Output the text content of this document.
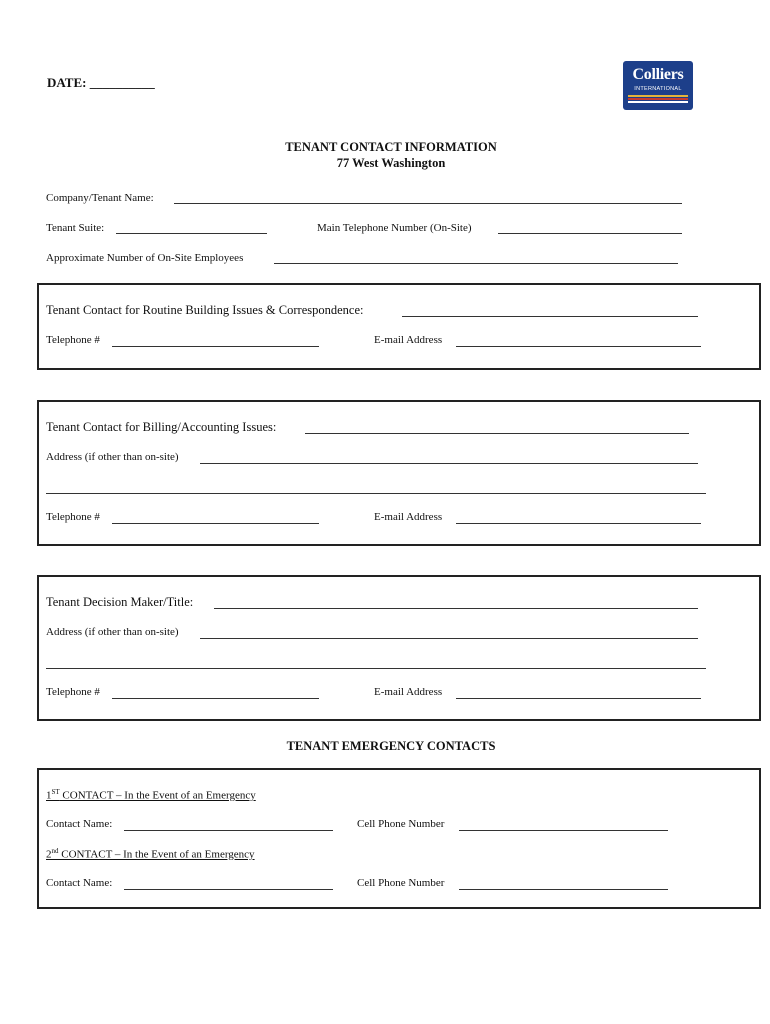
DATE: __________	Colliers
INTERNATIONAL
TENANT CONTACT INFORMATION
77 West Washington
Company/Tenant Name:
Tenant Suite:	Main Telephone Number (On-Site)
Approximate Number of On-Site Employees
Tenant Contact for Routine Building Issues & Correspondence:
Telephone #	E-mail Address
Tenant Contact for Billing/Accounting Issues:
Address (if other than on-site)
Telephone #	E-mail Address
Tenant Decision Maker/Title:
Address (if other than on-site)
Telephone #	E-mail Address
TENANT EMERGENCY CONTACTS
1ST CONTACT – In the Event of an Emergency
Contact Name:	Cell Phone Number
2nd CONTACT – In the Event of an Emergency
Contact Name:	Cell Phone Number
